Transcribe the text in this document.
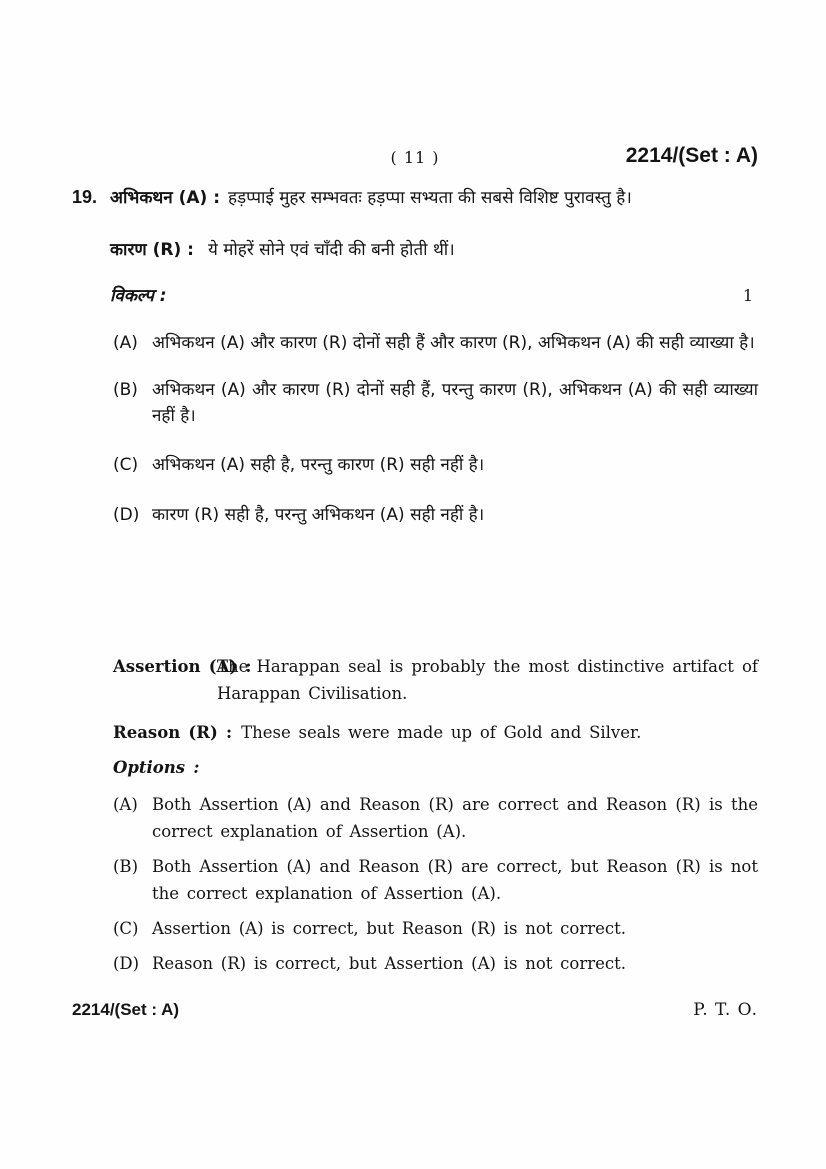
( 11 )	2214/(Set : A)
19. अभिकथन (A) : हड़प्पाई मुहर सम्भवतः हड़प्पा सभ्यता की सबसे विशिष्ट पुरावस्तु है।
कारण (R) : ये मोहरें सोने एवं चाँदी की बनी होती थीं।
विकल्प :	1
(A) अभिकथन (A) और कारण (R) दोनों सही हैं और कारण (R), अभिकथन (A) की सही व्याख्या है।
(B) अभिकथन (A) और कारण (R) दोनों सही हैं, परन्तु कारण (R), अभिकथन (A) की सही व्याख्या नहीं है।
(C) अभिकथन (A) सही है, परन्तु कारण (R) सही नहीं है।
(D) कारण (R) सही है, परन्तु अभिकथन (A) सही नहीं है।
Assertion (A) :
The Harappan seal is probably the most distinctive artifact of Harappan Civilisation.
Reason (R) : These seals were made up of Gold and Silver.
Options :
(A) Both Assertion (A) and Reason (R) are correct and Reason (R) is the correct explanation of Assertion (A).
(B) Both Assertion (A) and Reason (R) are correct, but Reason (R) is not the correct explanation of Assertion (A).
(C) Assertion (A) is correct, but Reason (R) is not correct.
(D) Reason (R) is correct, but Assertion (A) is not correct.
2214/(Set : A)	P. T. O.
